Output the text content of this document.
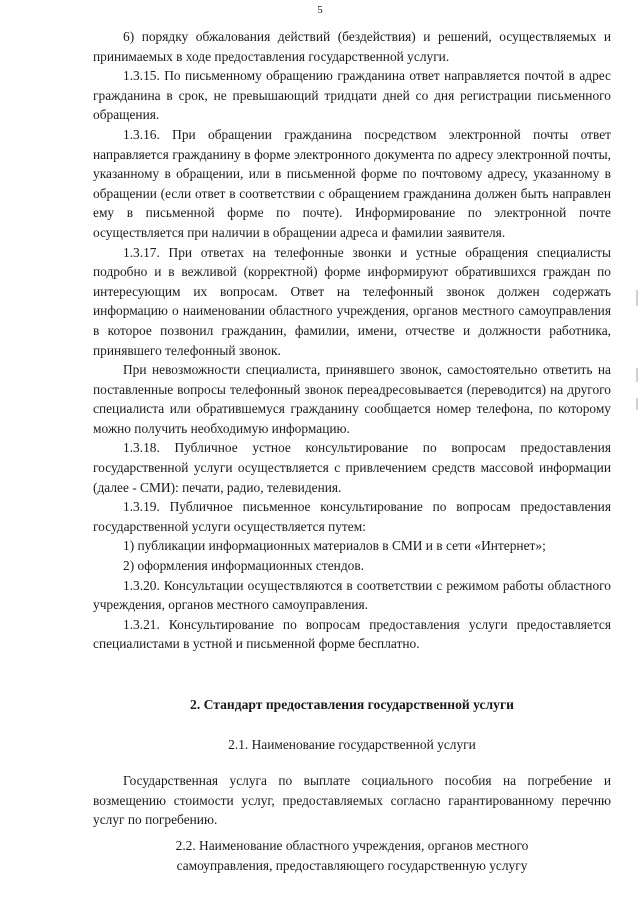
5

6) порядку обжалования действий (бездействия) и решений, осуществляемых и принимаемых в ходе предоставления государственной услуги.

1.3.15. По письменному обращению гражданина ответ направляется почтой в адрес гражданина в срок, не превышающий тридцати дней со дня регистрации письменного обращения.

1.3.16. При обращении гражданина посредством электронной почты ответ направляется гражданину в форме электронного документа по адресу электронной почты, указанному в обращении, или в письменной форме по почтовому адресу, указанному в обращении (если ответ в соответствии с обращением гражданина должен быть направлен ему в письменной форме по почте). Информирование по электронной почте осуществляется при наличии в обращении адреса и фамилии заявителя.

1.3.17. При ответах на телефонные звонки и устные обращения специалисты подробно и в вежливой (корректной) форме информируют обратившихся граждан по интересующим их вопросам. Ответ на телефонный звонок должен содержать информацию о наименовании областного учреждения, органов местного самоуправления в которое позвонил гражданин, фамилии, имени, отчестве и должности работника, принявшего телефонный звонок.

При невозможности специалиста, принявшего звонок, самостоятельно ответить на поставленные вопросы телефонный звонок переадресовывается (переводится) на другого специалиста или обратившемуся гражданину сообщается номер телефона, по которому можно получить необходимую информацию.

1.3.18. Публичное устное консультирование по вопросам предоставления государственной услуги осуществляется с привлечением средств массовой информации (далее - СМИ): печати, радио, телевидения.

1.3.19. Публичное письменное консультирование по вопросам предоставления государственной услуги осуществляется путем:

1) публикации информационных материалов в СМИ и в сети «Интернет»;

2) оформления информационных стендов.

1.3.20. Консультации осуществляются в соответствии с режимом работы областного учреждения, органов местного самоуправления.

1.3.21. Консультирование по вопросам предоставления услуги предоставляется специалистами в устной и письменной форме бесплатно.

2. Стандарт предоставления государственной услуги
2.1. Наименование государственной услуги

Государственная услуга по выплате социального пособия на погребение и возмещению стоимости услуг, предоставляемых согласно гарантированному перечню услуг по погребению.

2.2. Наименование областного учреждения, органов местного
самоуправления, предоставляющего государственную услугу
